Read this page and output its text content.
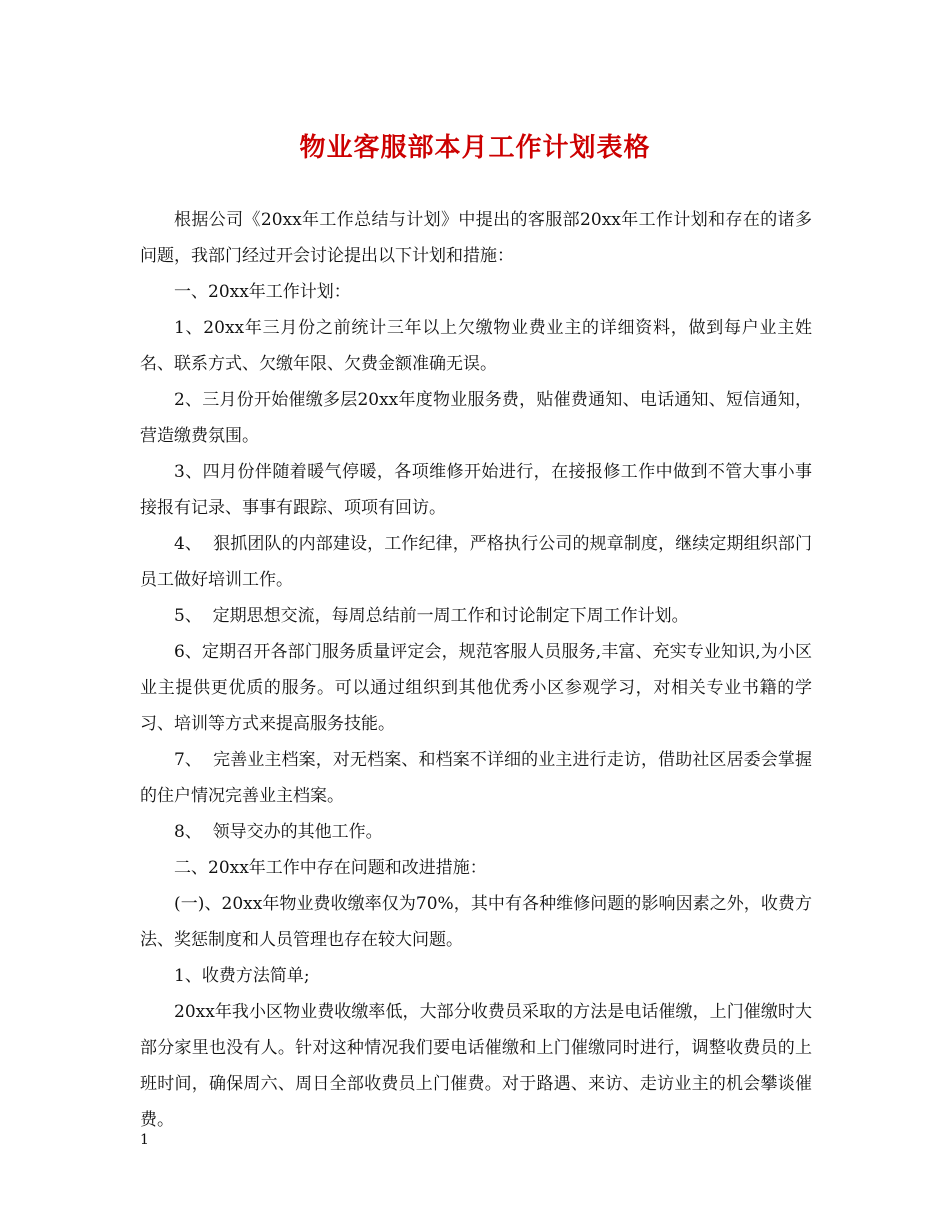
物业客服部本月工作计划表格

根据公司《20xx年工作总结与计划》中提出的客服部20xx年工作计划和存在的诸多问题，我部门经过开会讨论提出以下计划和措施：

一、20xx年工作计划：

1、20xx年三月份之前统计三年以上欠缴物业费业主的详细资料，做到每户业主姓名、联系方式、欠缴年限、欠费金额准确无误。

2、三月份开始催缴多层20xx年度物业服务费，贴催费通知、电话通知、短信通知，营造缴费氛围。

3、四月份伴随着暖气停暖，各项维修开始进行，在接报修工作中做到不管大事小事接报有记录、事事有跟踪、项项有回访。

4、  狠抓团队的内部建设，工作纪律，严格执行公司的规章制度，继续定期组织部门员工做好培训工作。

5、  定期思想交流，每周总结前一周工作和讨论制定下周工作计划。

6、定期召开各部门服务质量评定会，规范客服人员服务,丰富、充实专业知识,为小区业主提供更优质的服务。可以通过组织到其他优秀小区参观学习，对相关专业书籍的学习、培训等方式来提高服务技能。

7、  完善业主档案，对无档案、和档案不详细的业主进行走访，借助社区居委会掌握的住户情况完善业主档案。

8、  领导交办的其他工作。

二、20xx年工作中存在问题和改进措施：

(一)、20xx年物业费收缴率仅为70%，其中有各种维修问题的影响因素之外，收费方法、奖惩制度和人员管理也存在较大问题。

1、收费方法简单;

20xx年我小区物业费收缴率低，大部分收费员采取的方法是电话催缴，上门催缴时大部分家里也没有人。针对这种情况我们要电话催缴和上门催缴同时进行，调整收费员的上班时间，确保周六、周日全部收费员上门催费。对于路遇、来访、走访业主的机会攀谈催费。

1
